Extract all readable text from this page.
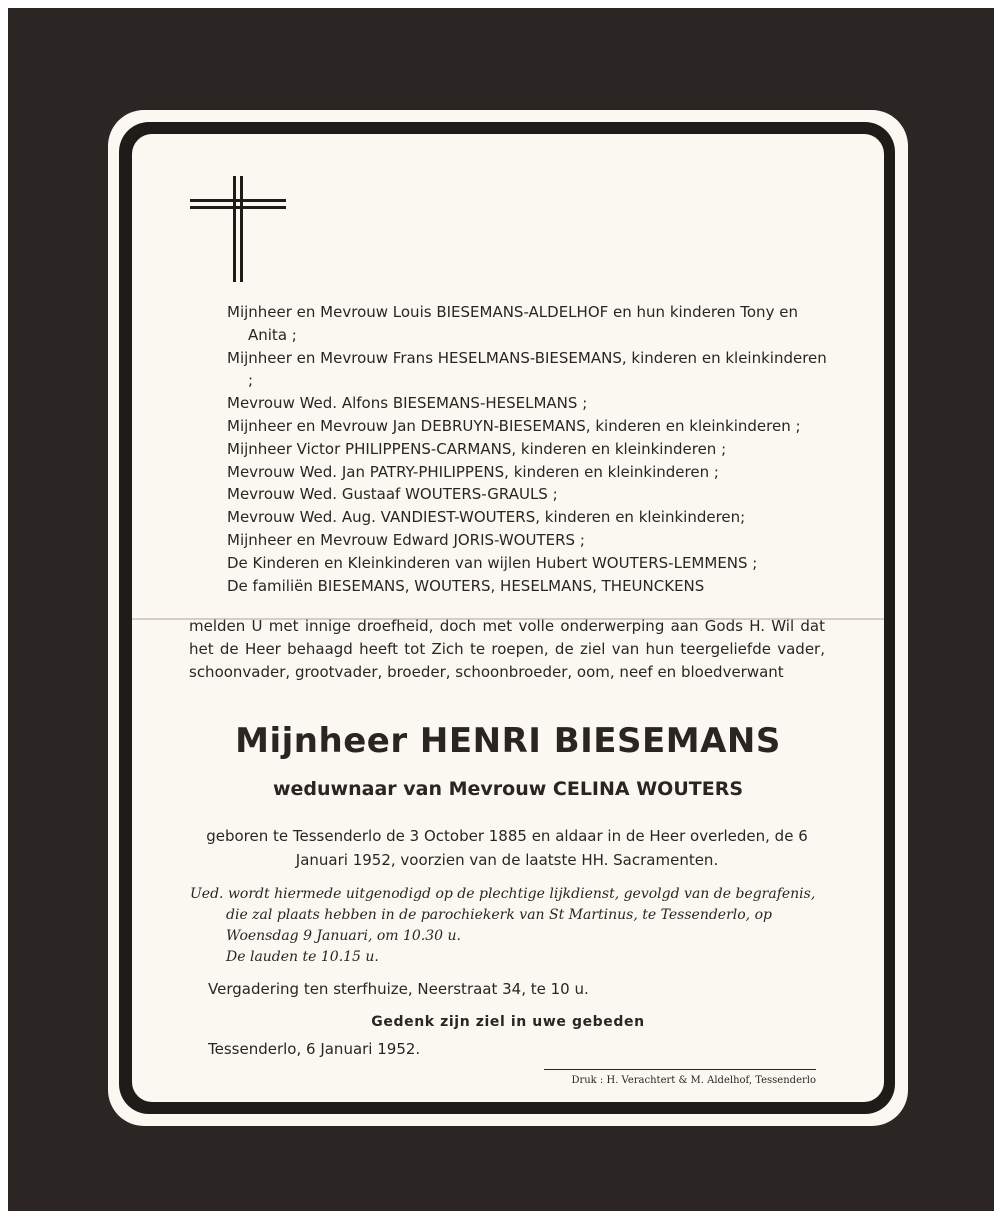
Mijnheer en Mevrouw Louis BIESEMANS-ALDELHOF en hun kinderen Tony en Anita ;
Mijnheer en Mevrouw Frans HESELMANS-BIESEMANS, kinderen en kleinkinderen ;
Mevrouw Wed. Alfons BIESEMANS-HESELMANS ;
Mijnheer en Mevrouw Jan DEBRUYN-BIESEMANS, kinderen en kleinkinderen ;
Mijnheer Victor PHILIPPENS-CARMANS, kinderen en kleinkinderen ;
Mevrouw Wed. Jan PATRY-PHILIPPENS, kinderen en kleinkinderen ;
Mevrouw Wed. Gustaaf WOUTERS-GRAULS ;
Mevrouw Wed. Aug. VANDIEST-WOUTERS, kinderen en kleinkinderen;
Mijnheer en Mevrouw Edward JORIS-WOUTERS ;
De Kinderen en Kleinkinderen van wijlen Hubert WOUTERS-LEMMENS ;
De familiën BIESEMANS, WOUTERS, HESELMANS, THEUNCKENS
melden U met innige droefheid, doch met volle onderwerping aan Gods H. Wil dat het de Heer behaagd heeft tot Zich te roepen, de ziel van hun teergeliefde vader, schoonvader, grootvader, broeder, schoonbroeder, oom, neef en bloedverwant
Mijnheer HENRI BIESEMANS
weduwnaar van Mevrouw CELINA WOUTERS
geboren te Tessenderlo de 3 October 1885 en aldaar in de Heer overleden, de 6 Januari 1952, voorzien van de laatste HH. Sacramenten.
Ued. wordt hiermede uitgenodigd op de plechtige lijkdienst, gevolgd van de begrafenis, die zal plaats hebben in de parochiekerk van St Martinus, te Tessenderlo, op Woensdag 9 Januari, om 10.30 u.
De lauden te 10.15 u.
Vergadering ten sterfhuize, Neerstraat 34, te 10 u.
Gedenk zijn ziel in uwe gebeden
Tessenderlo, 6 Januari 1952.
Druk : H. Verachtert & M. Aldelhof, Tessenderlo
